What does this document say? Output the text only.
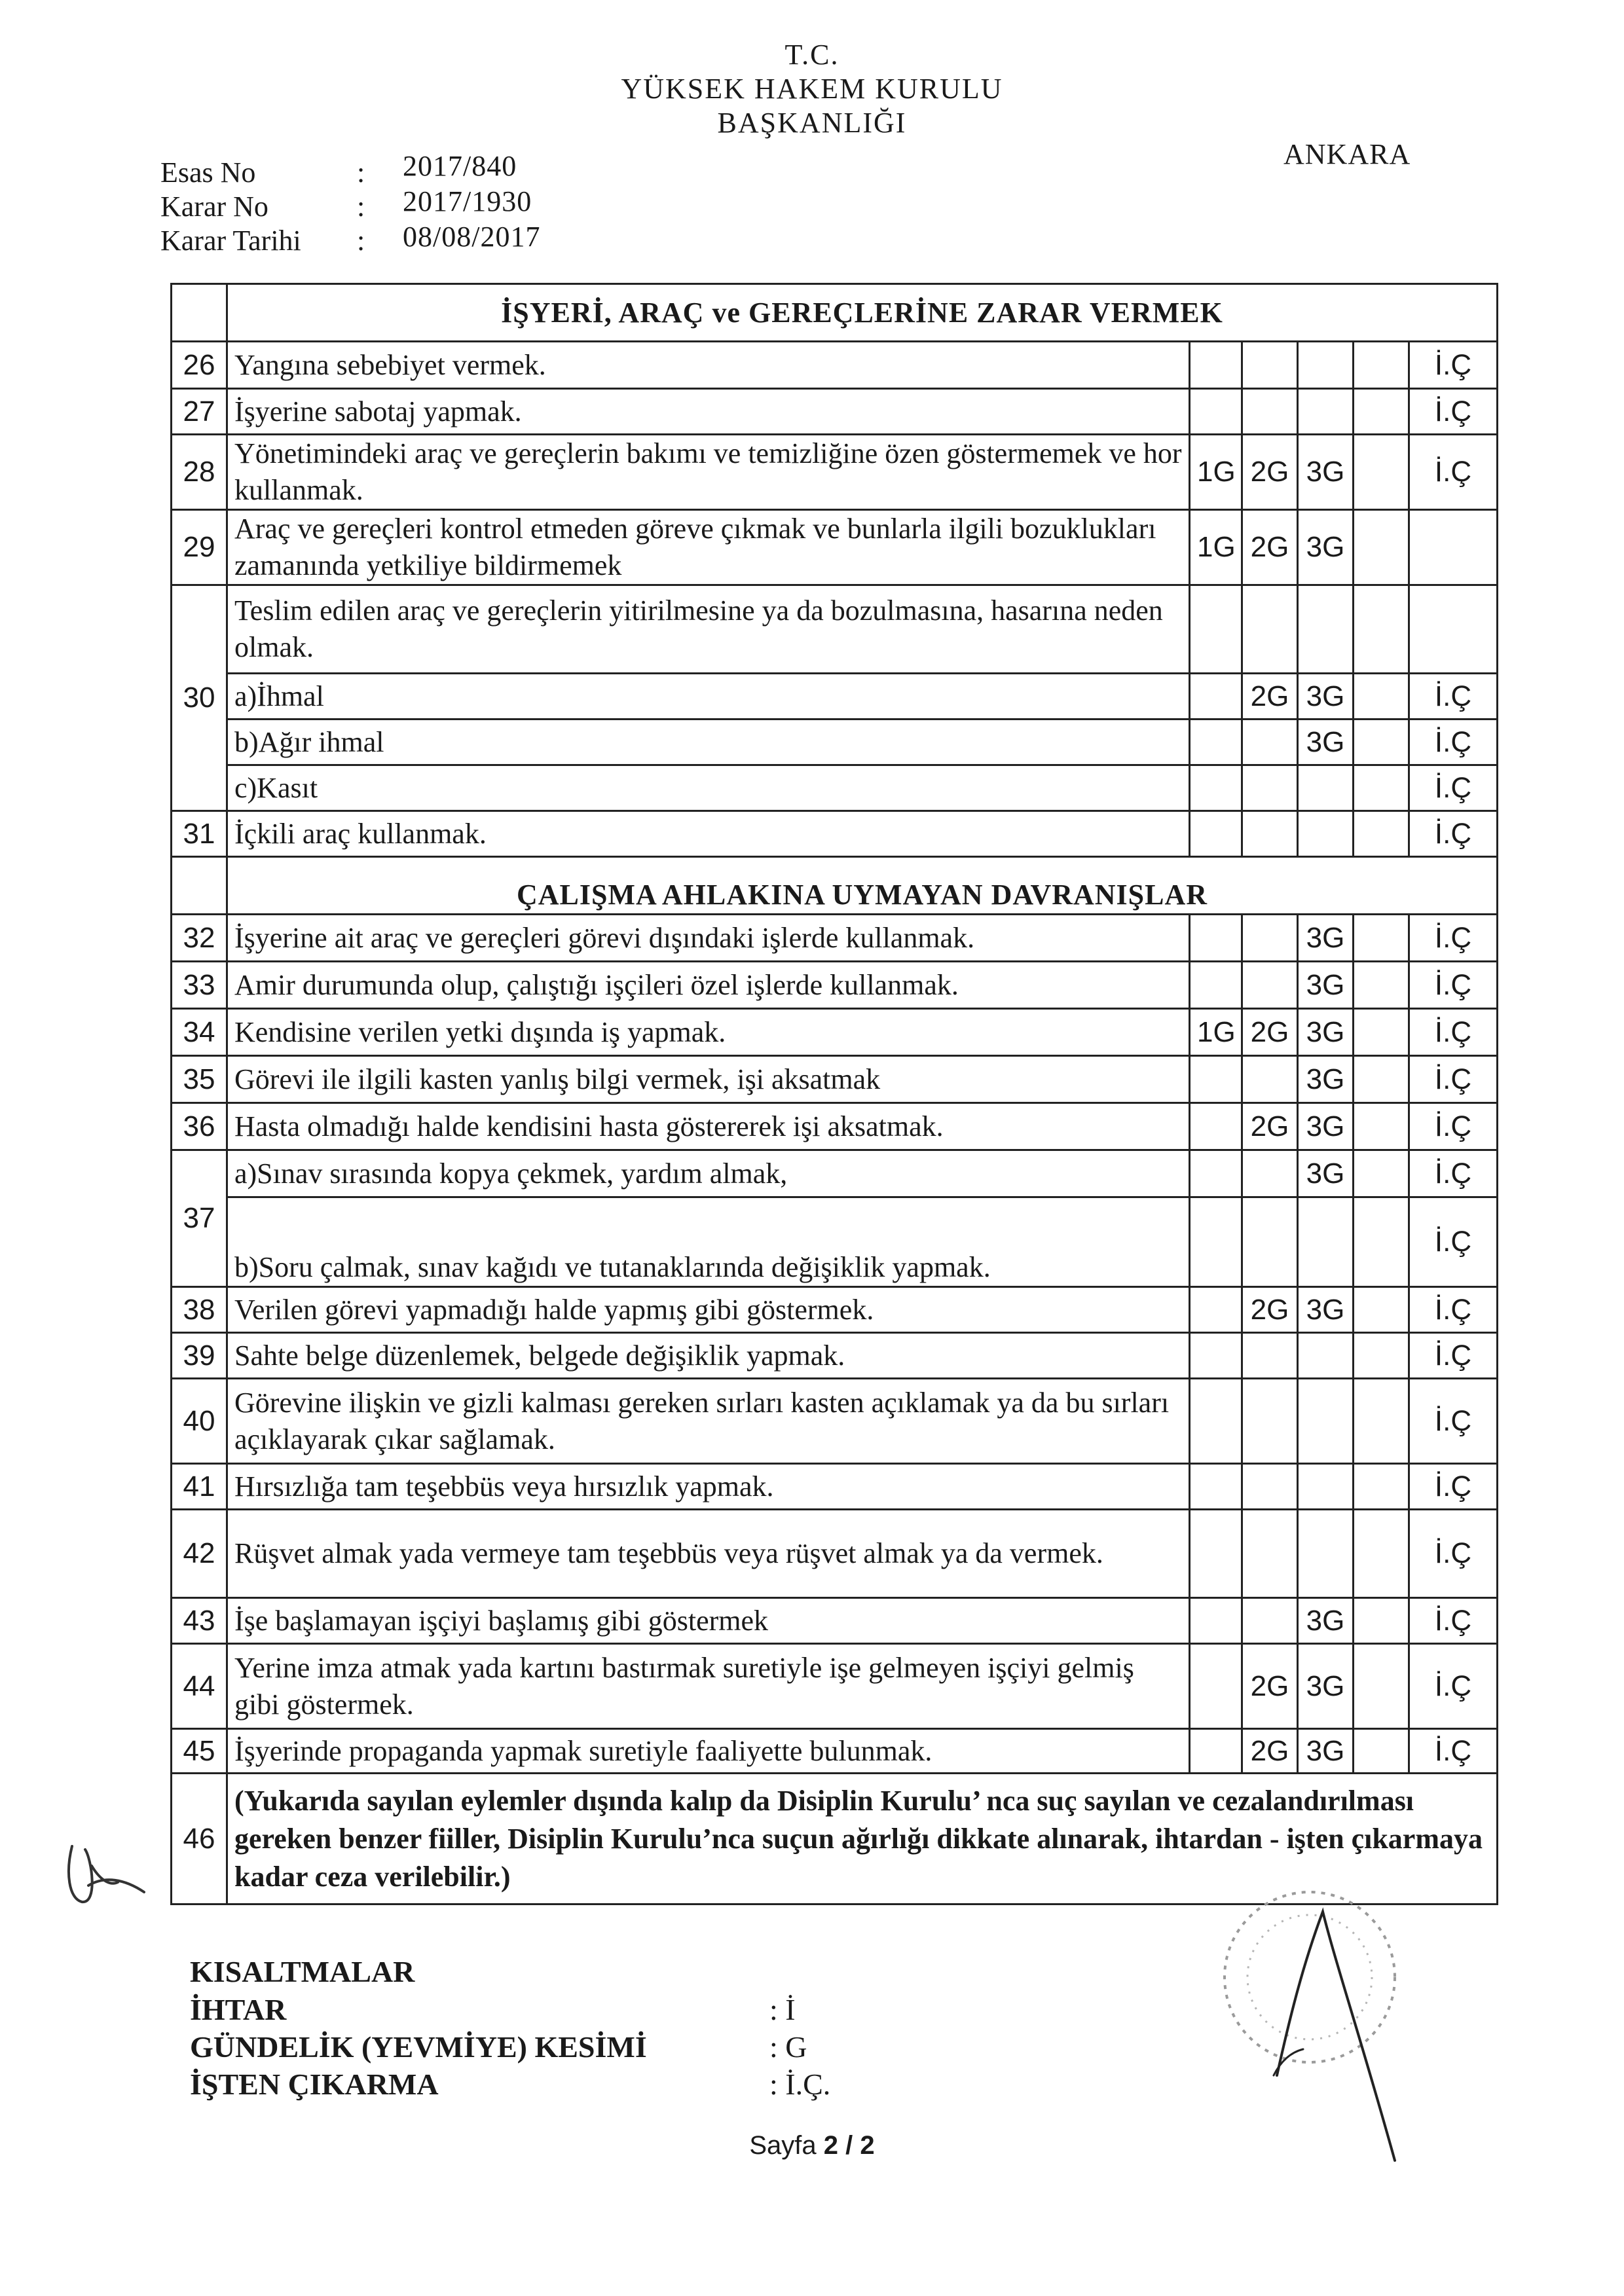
T.C.
YÜKSEK HAKEM KURULU
BAŞKANLIĞI
ANKARA
Esas No	: 2017/840
Karar No	: 2017/1930
Karar Tarihi : 08/08/2017
	İŞYERİ, ARAÇ ve GEREÇLERİNE ZARAR VERMEK					
26	Yangına sebebiyet vermek.					İ.Ç
27	İşyerine sabotaj yapmak.					İ.Ç
28	Yönetimindeki araç ve gereçlerin bakımı ve temizliğine özen göstermemek ve hor kullanmak.	1G	2G	3G		İ.Ç
29	Araç ve gereçleri kontrol etmeden göreve çıkmak ve bunlarla ilgili bozuklukları zamanında yetkiliye bildirmemek	1G	2G	3G		
30	Teslim edilen araç ve gereçlerin yitirilmesine ya da bozulmasına, hasarına neden olmak.					
	a)İhmal		2G	3G		İ.Ç
	b)Ağır ihmal			3G		İ.Ç
	c)Kasıt					İ.Ç
31	İçkili araç kullanmak.					İ.Ç
	ÇALIŞMA AHLAKINA UYMAYAN DAVRANIŞLAR					
32	İşyerine ait araç ve gereçleri görevi dışındaki işlerde kullanmak.			3G		İ.Ç
33	Amir durumunda olup, çalıştığı işçileri özel işlerde kullanmak.			3G		İ.Ç
34	Kendisine verilen yetki dışında iş yapmak.	1G	2G	3G		İ.Ç
35	Görevi ile ilgili kasten yanlış bilgi vermek, işi aksatmak			3G		İ.Ç
36	Hasta olmadığı halde kendisini hasta göstererek işi aksatmak.		2G	3G		İ.Ç
37	a)Sınav sırasında kopya çekmek, yardım almak,			3G		İ.Ç
	b)Soru çalmak, sınav kağıdı ve tutanaklarında değişiklik yapmak.					İ.Ç
38	Verilen görevi yapmadığı halde yapmış gibi göstermek.		2G	3G		İ.Ç
39	Sahte belge düzenlemek, belgede değişiklik yapmak.					İ.Ç
40	Görevine ilişkin ve gizli kalması gereken sırları kasten açıklamak ya da bu sırları açıklayarak çıkar sağlamak.					İ.Ç
41	Hırsızlığa tam teşebbüs veya hırsızlık yapmak.					İ.Ç
42	Rüşvet almak yada vermeye tam teşebbüs veya rüşvet almak ya da vermek.					İ.Ç
43	İşe başlamayan işçiyi başlamış gibi göstermek			3G		İ.Ç
44	Yerine imza atmak yada kartını bastırmak suretiyle işe gelmeyen işçiyi gelmiş gibi göstermek.		2G	3G		İ.Ç
45	İşyerinde propaganda yapmak suretiyle faaliyette bulunmak.		2G	3G		İ.Ç
46	(Yukarıda sayılan eylemler dışında kalıp da Disiplin Kurulu’ nca suç sayılan ve cezalandırılması gereken benzer fiiller, Disiplin Kurulu’nca suçun ağırlığı dikkate alınarak, ihtardan - işten çıkarmaya kadar ceza verilebilir.)					
KISALTMALAR
İHTAR	: İ
GÜNDELİK (YEVMİYE) KESİMİ	: G
İŞTEN ÇIKARMA	: İ.Ç.
Sayfa 2 / 2
